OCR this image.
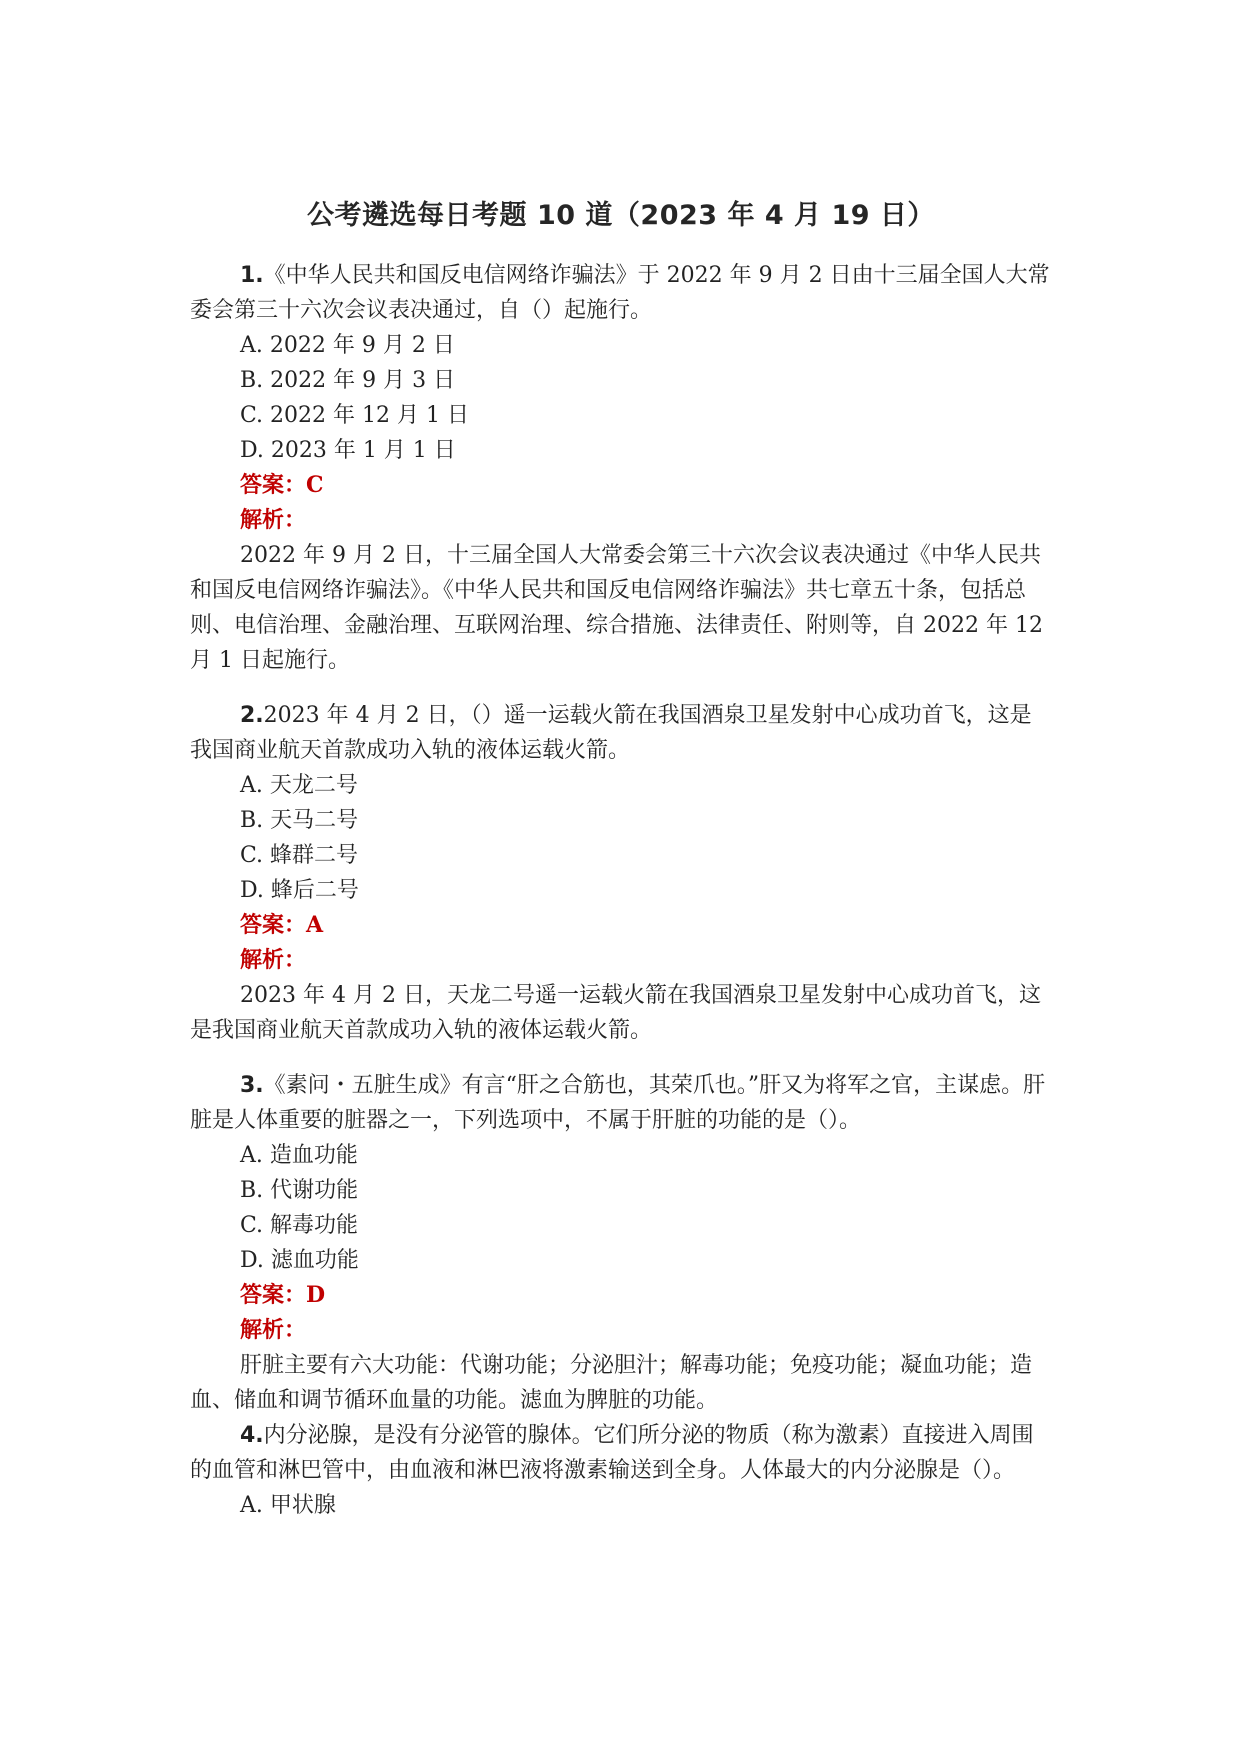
公考遴选每日考题 10 道（2023 年 4 月 19 日）

1.《中华人民共和国反电信网络诈骗法》于 2022 年 9 月 2 日由十三届全国人大常委会第三十六次会议表决通过，自（）起施行。

A. 2022 年 9 月 2 日

B. 2022 年 9 月 3 日

C. 2022 年 12 月 1 日

D. 2023 年 1 月 1 日

答案：C

解析：

2022 年 9 月 2 日，十三届全国人大常委会第三十六次会议表决通过《中华人民共和国反电信网络诈骗法》。《中华人民共和国反电信网络诈骗法》共七章五十条，包括总则、电信治理、金融治理、互联网治理、综合措施、法律责任、附则等，自 2022 年 12 月 1 日起施行。

2.2023 年 4 月 2 日，（）遥一运载火箭在我国酒泉卫星发射中心成功首飞，这是我国商业航天首款成功入轨的液体运载火箭。

A. 天龙二号

B. 天马二号

C. 蜂群二号

D. 蜂后二号

答案：A

解析：

2023 年 4 月 2 日，天龙二号遥一运载火箭在我国酒泉卫星发射中心成功首飞，这是我国商业航天首款成功入轨的液体运载火箭。

3.《素问・五脏生成》有言“肝之合筋也，其荣爪也。”肝又为将军之官，主谋虑。肝脏是人体重要的脏器之一，下列选项中，不属于肝脏的功能的是（）。

A. 造血功能

B. 代谢功能

C. 解毒功能

D. 滤血功能

答案：D

解析：

肝脏主要有六大功能：代谢功能；分泌胆汁；解毒功能；免疫功能；凝血功能；造血、储血和调节循环血量的功能。滤血为脾脏的功能。

4.内分泌腺，是没有分泌管的腺体。它们所分泌的物质（称为激素）直接进入周围的血管和淋巴管中，由血液和淋巴液将激素输送到全身。人体最大的内分泌腺是（）。

A. 甲状腺
